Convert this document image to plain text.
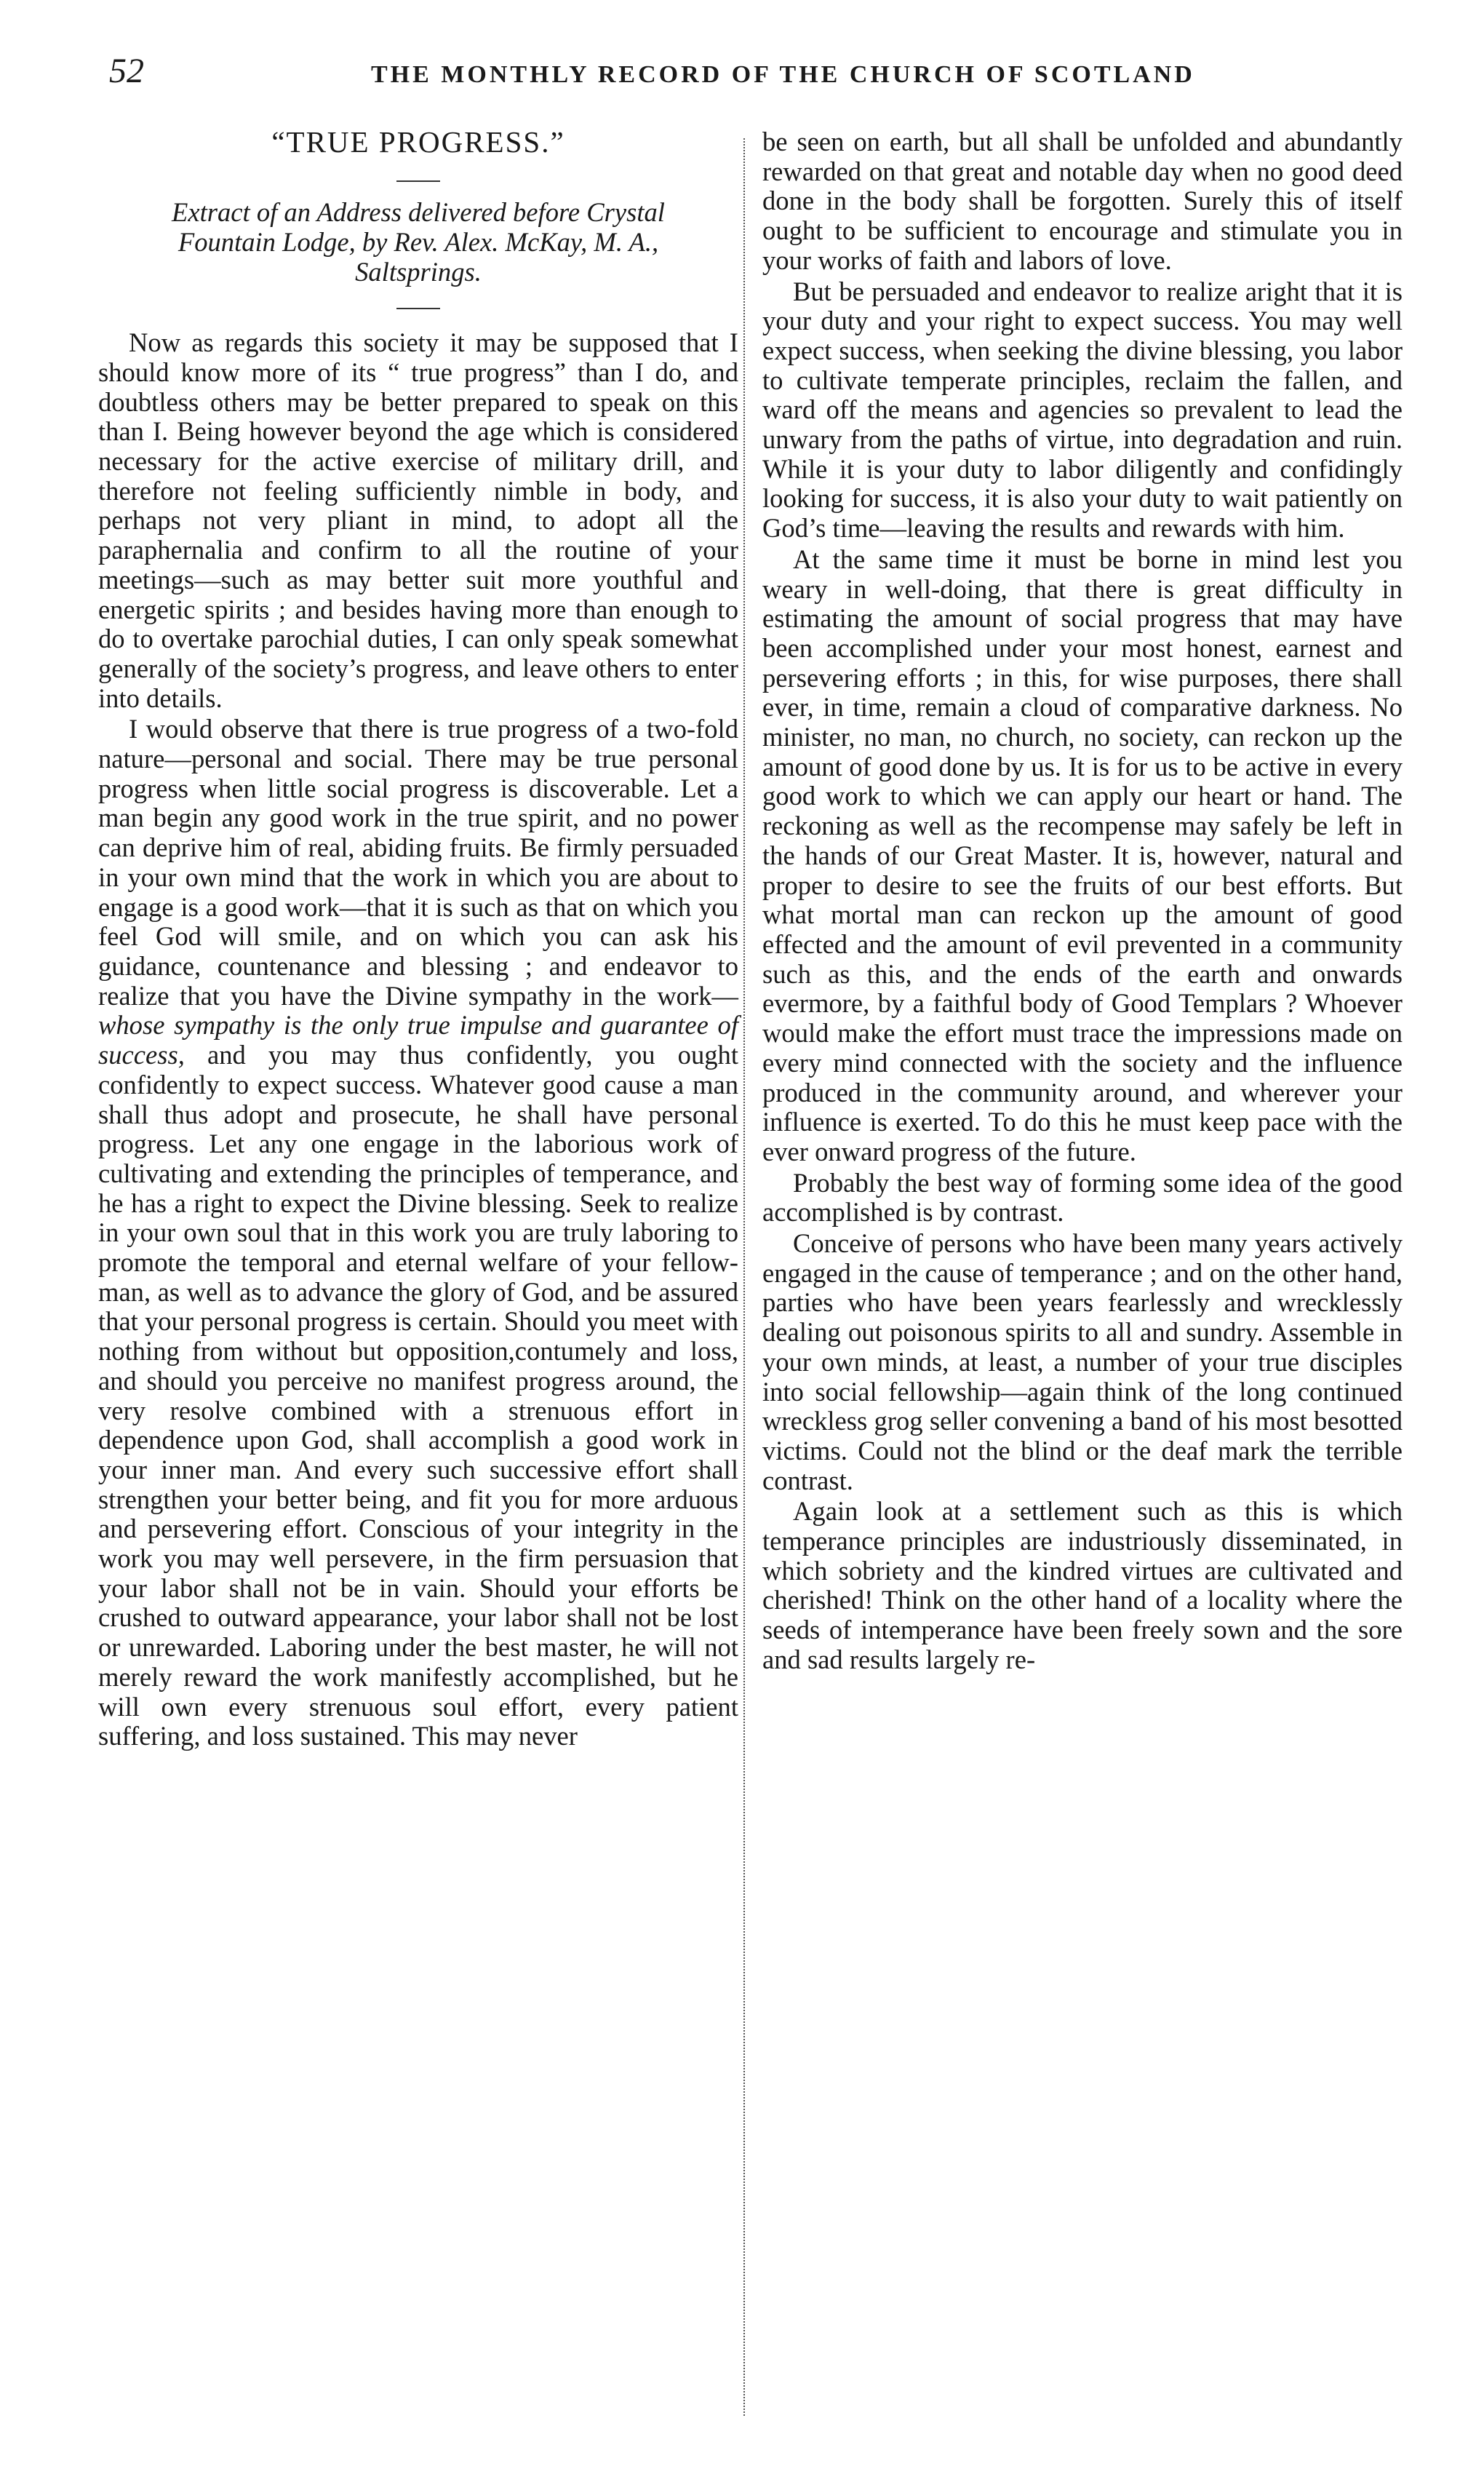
52	THE MONTHLY RECORD OF THE CHURCH OF SCOTLAND
“TRUE PROGRESS.”
Extract of an Address delivered before Crystal Fountain Lodge, by Rev. Alex. McKay, M. A., Saltsprings.

Now as regards this society it may be supposed that I should know more of its “ true progress” than I do, and doubtless others may be better prepared to speak on this than I. Being however beyond the age which is considered necessary for the active exercise of military drill, and therefore not feeling sufficiently nimble in body, and perhaps not very pliant in mind, to adopt all the paraphernalia and confirm to all the routine of your meetings—such as may better suit more youthful and energetic spirits ; and besides having more than enough to do to overtake parochial duties, I can only speak somewhat generally of the society’s progress, and leave others to enter into details.

I would observe that there is true progress of a two-fold nature—personal and social. There may be true personal progress when little social progress is discoverable. Let a man begin any good work in the true spirit, and no power can deprive him of real, abiding fruits. Be firmly persuaded in your own mind that the work in which you are about to engage is a good work—that it is such as that on which you feel God will smile, and on which you can ask his guidance, countenance and blessing ; and endeavor to realize that you have the Divine sympathy in the work—whose sympathy is the only true impulse and guarantee of success, and you may thus confidently, you ought confidently to expect success. Whatever good cause a man shall thus adopt and prosecute, he shall have personal progress. Let any one engage in the laborious work of cultivating and extending the principles of temperance, and he has a right to expect the Divine blessing. Seek to realize in your own soul that in this work you are truly laboring to promote the temporal and eternal welfare of your fellow-man, as well as to advance the glory of God, and be assured that your personal progress is certain. Should you meet with nothing from without but opposition,contumely and loss, and should you perceive no manifest progress around, the very resolve combined with a strenuous effort in dependence upon God, shall accomplish a good work in your inner man. And every such successive effort shall strengthen your better being, and fit you for more arduous and persevering effort. Conscious of your integrity in the work you may well persevere, in the firm persuasion that your labor shall not be in vain. Should your efforts be crushed to outward appearance, your labor shall not be lost or unrewarded. Laboring under the best master, he will not merely reward the work manifestly accomplished, but he will own every strenuous soul effort, every patient suffering, and loss sustained. This may never

be seen on earth, but all shall be unfolded and abundantly rewarded on that great and notable day when no good deed done in the body shall be forgotten. Surely this of itself ought to be sufficient to encourage and stimulate you in your works of faith and labors of love.

But be persuaded and endeavor to realize aright that it is your duty and your right to expect success. You may well expect success, when seeking the divine blessing, you labor to cultivate temperate principles, reclaim the fallen, and ward off the means and agencies so prevalent to lead the unwary from the paths of virtue, into degradation and ruin. While it is your duty to labor diligently and confidingly looking for success, it is also your duty to wait patiently on God’s time—leaving the results and rewards with him.

At the same time it must be borne in mind lest you weary in well-doing, that there is great difficulty in estimating the amount of social progress that may have been accomplished under your most honest, earnest and persevering efforts ; in this, for wise purposes, there shall ever, in time, remain a cloud of comparative darkness. No minister, no man, no church, no society, can reckon up the amount of good done by us. It is for us to be active in every good work to which we can apply our heart or hand. The reckoning as well as the recompense may safely be left in the hands of our Great Master. It is, however, natural and proper to desire to see the fruits of our best efforts. But what mortal man can reckon up the amount of good effected and the amount of evil prevented in a community such as this, and the ends of the earth and onwards evermore, by a faithful body of Good Templars ? Whoever would make the effort must trace the impressions made on every mind connected with the society and the influence produced in the community around, and wherever your influence is exerted. To do this he must keep pace with the ever onward progress of the future.

Probably the best way of forming some idea of the good accomplished is by contrast.

Conceive of persons who have been many years actively engaged in the cause of temperance ; and on the other hand, parties who have been years fearlessly and wrecklessly dealing out poisonous spirits to all and sundry. Assemble in your own minds, at least, a number of your true disciples into social fellowship—again think of the long continued wreckless grog seller convening a band of his most besotted victims. Could not the blind or the deaf mark the terrible contrast.

Again look at a settlement such as this is which temperance principles are industriously disseminated, in which sobriety and the kindred virtues are cultivated and cherished! Think on the other hand of a locality where the seeds of intemperance have been freely sown and the sore and sad results largely re-
